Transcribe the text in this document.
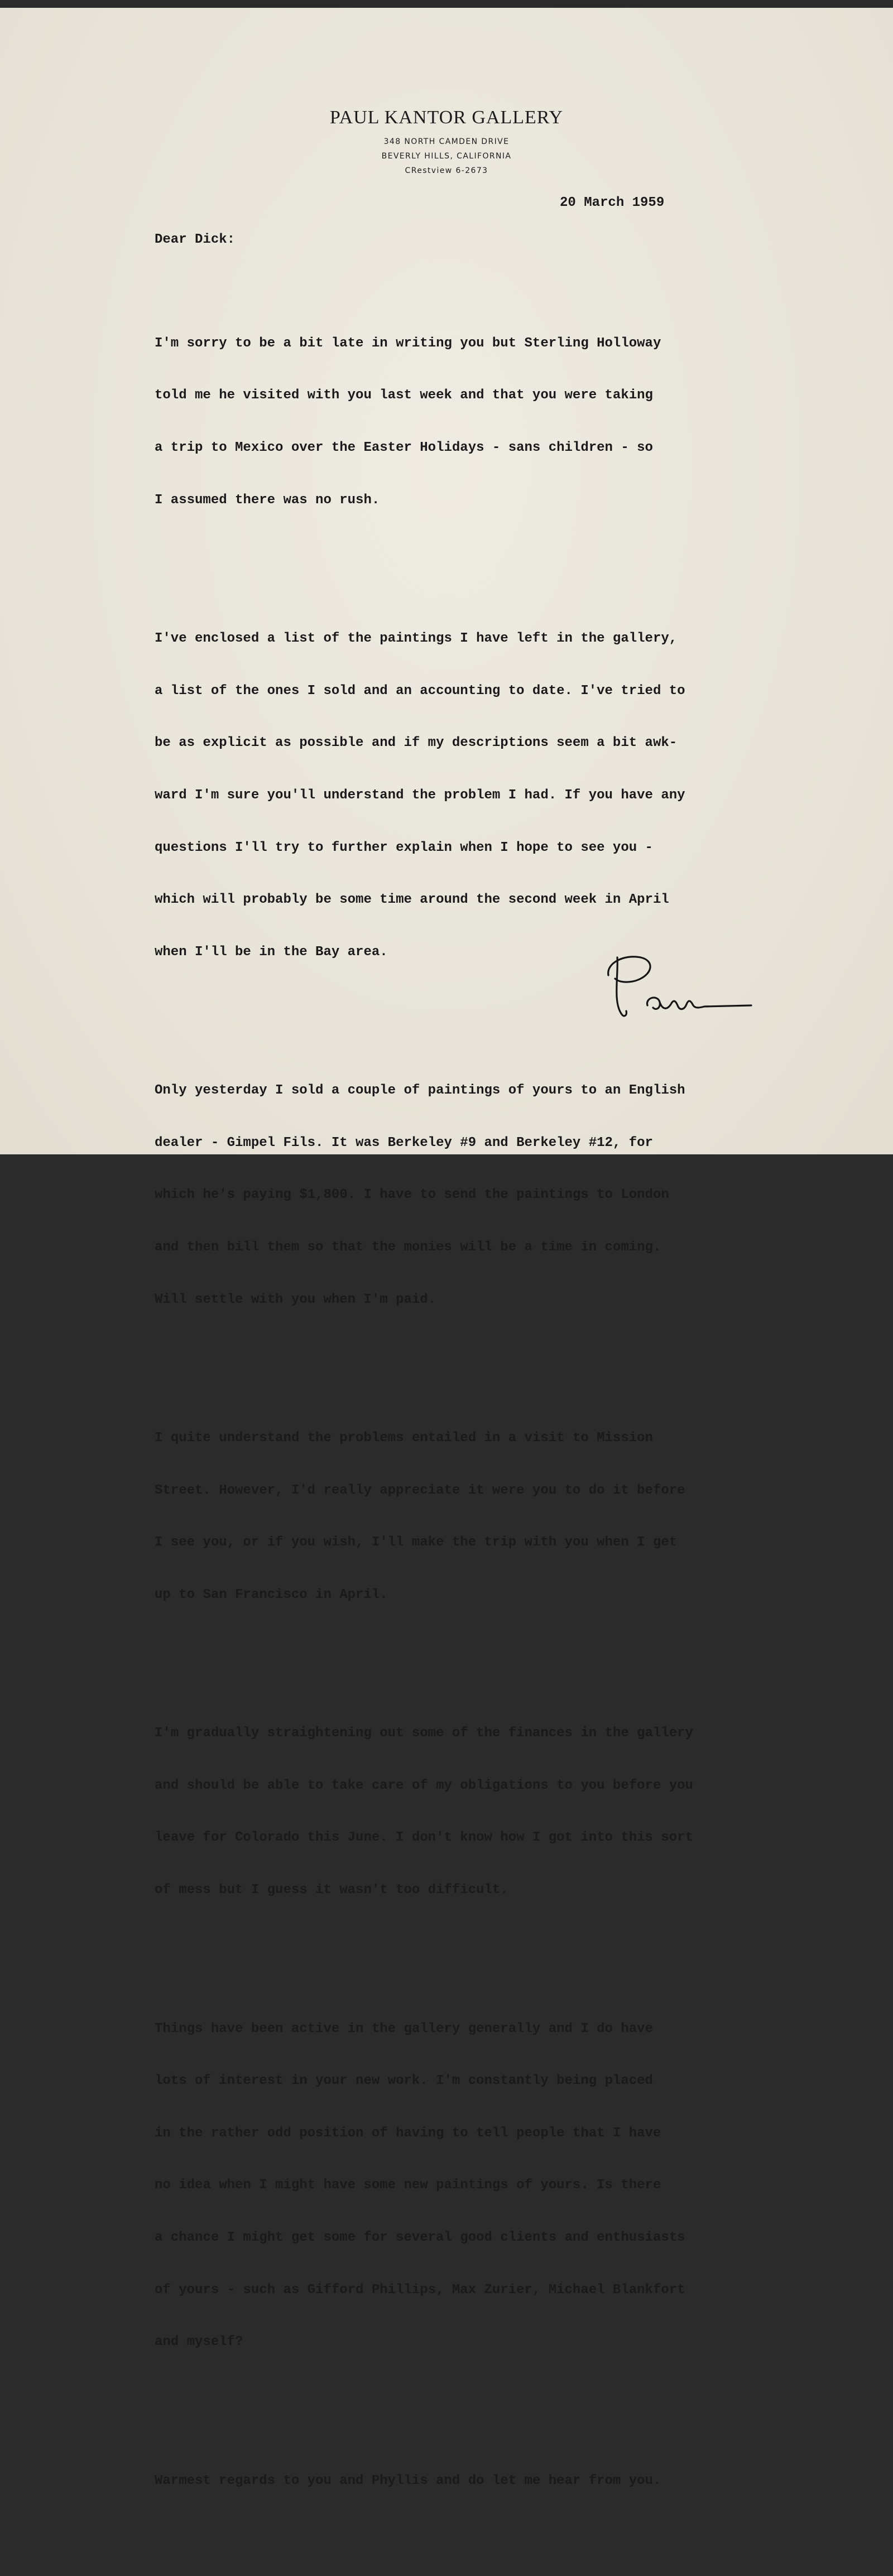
PAUL KANTOR GALLERY
348 NORTH CAMDEN DRIVE
BEVERLY HILLS, CALIFORNIA
CRestview 6-2673
20 March 1959
Dear Dick:

I'm sorry to be a bit late in writing you but Sterling Holloway

told me he visited with you last week and that you were taking

a trip to Mexico over the Easter Holidays - sans children - so

I assumed there was no rush.

I've enclosed a list of the paintings I have left in the gallery,

a list of the ones I sold and an accounting to date. I've tried to

be as explicit as possible and if my descriptions seem a bit awk-

ward I'm sure you'll understand the problem I had. If you have any

questions I'll try to further explain when I hope to see you -

which will probably be some time around the second week in April

when I'll be in the Bay area.

Only yesterday I sold a couple of paintings of yours to an English

dealer - Gimpel Fils. It was Berkeley #9 and Berkeley #12, for

which he's paying $1,800. I have to send the paintings to London

and then bill them so that the monies will be a time in coming.

Will settle with you when I'm paid.

I quite understand the problems entailed in a visit to Mission

Street. However, I'd really appreciate it were you to do it before

I see you, or if you wish, I'll make the trip with you when I get

up to San Francisco in April.

I'm gradually straightening out some of the finances in the gallery

and should be able to take care of my obligations to you before you

leave for Colorado this June. I don't know how I got into this sort

of mess but I guess it wasn't too difficult.

Things have been active in the gallery generally and I do have

lots of interest in your new work. I'm constantly being placed

in the rather odd position of having to tell people that I have

no idea when I might have some new paintings of yours. Is there

a chance I might get some for several good clients and enthusiasts

of yours - such as Gifford Phillips, Max Zurier, Michael Blankfort

and myself?

Warmest regards to you and Phyllis and do let me hear from you.
